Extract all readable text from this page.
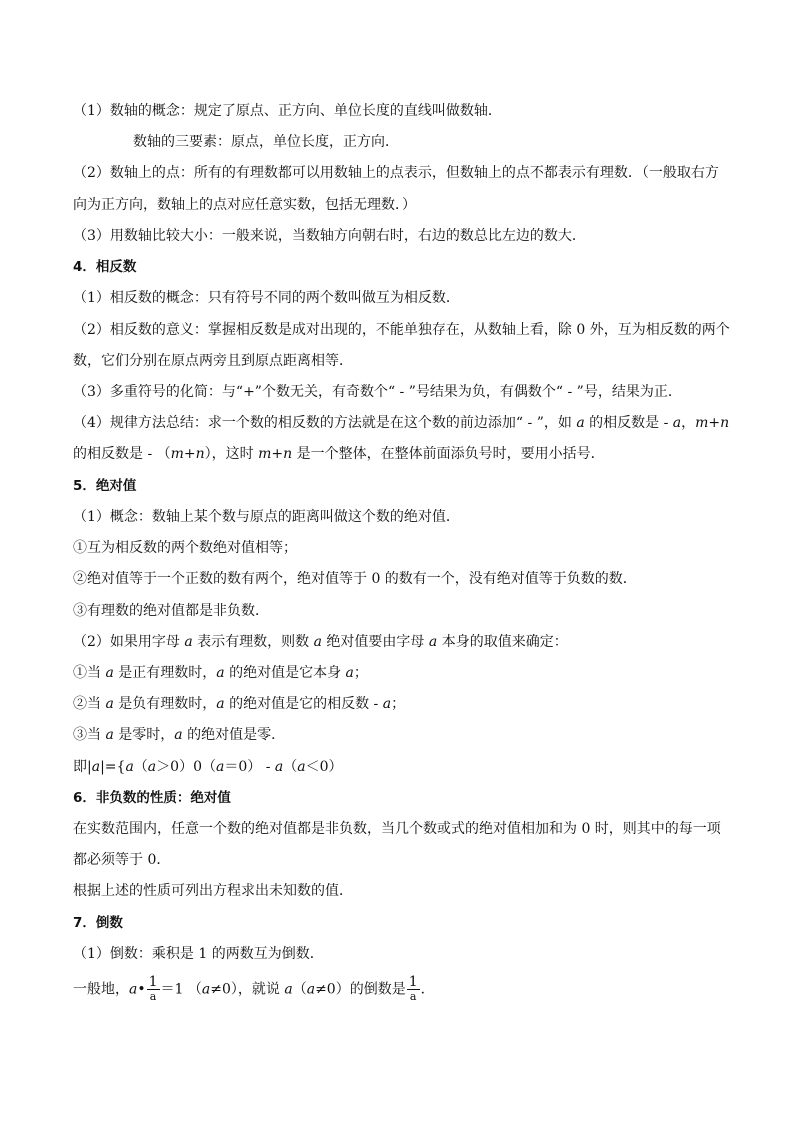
（1）数轴的概念：规定了原点、正方向、单位长度的直线叫做数轴．
数轴的三要素：原点，单位长度，正方向．
（2）数轴上的点：所有的有理数都可以用数轴上的点表示，但数轴上的点不都表示有理数．（一般取右方
向为正方向，数轴上的点对应任意实数，包括无理数．）
（3）用数轴比较大小：一般来说，当数轴方向朝右时，右边的数总比左边的数大．
4．相反数
（1）相反数的概念：只有符号不同的两个数叫做互为相反数．
（2）相反数的意义：掌握相反数是成对出现的，不能单独存在，从数轴上看，除 0 外，互为相反数的两个
数，它们分别在原点两旁且到原点距离相等．
（3）多重符号的化简：与“+”个数无关，有奇数个“ - ”号结果为负，有偶数个“ - ”号，结果为正．
（4）规律方法总结：求一个数的相反数的方法就是在这个数的前边添加“ - ”，如 a 的相反数是 - a，m+n
的相反数是 - （m+n），这时 m+n 是一个整体，在整体前面添负号时，要用小括号．
5．绝对值
（1）概念：数轴上某个数与原点的距离叫做这个数的绝对值．
①互为相反数的两个数绝对值相等；
②绝对值等于一个正数的数有两个，绝对值等于 0 的数有一个，没有绝对值等于负数的数．
③有理数的绝对值都是非负数．
（2）如果用字母 a 表示有理数，则数 a 绝对值要由字母 a 本身的取值来确定：
①当 a 是正有理数时，a 的绝对值是它本身 a；
②当 a 是负有理数时，a 的绝对值是它的相反数 - a；
③当 a 是零时，a 的绝对值是零．
即|a|={a（a＞0）0（a＝0） - a（a＜0）
6．非负数的性质：绝对值
在实数范围内，任意一个数的绝对值都是非负数，当几个数或式的绝对值相加和为 0 时，则其中的每一项
都必须等于 0．
根据上述的性质可列出方程求出未知数的值．
7．倒数
（1）倒数：乘积是 1 的两数互为倒数．
一般地，a• $\frac{1}{a} =1$ （a≠0），就说 a（a≠0）的倒数是 $\frac{1}{a}$ ．
